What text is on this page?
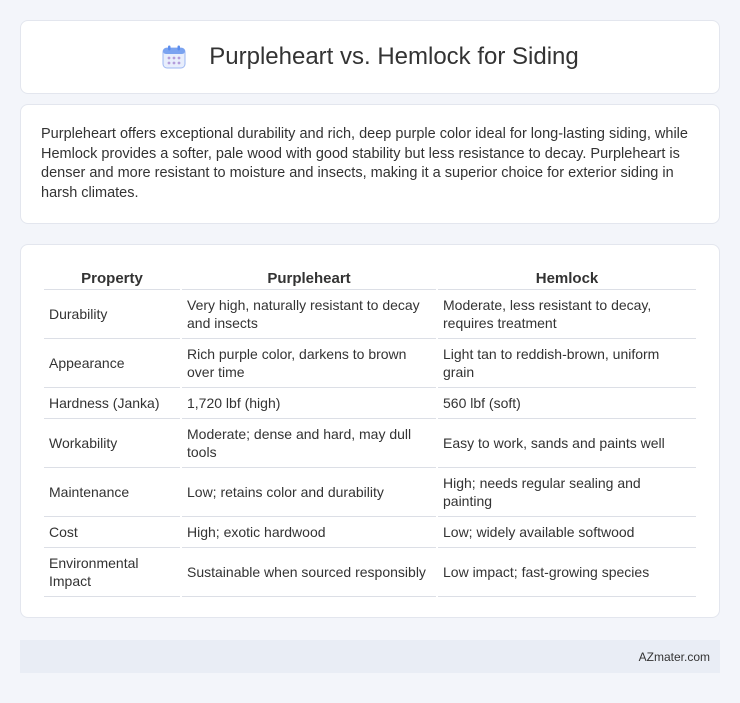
Purpleheart vs. Hemlock for Siding

Purpleheart offers exceptional durability and rich, deep purple color ideal for long-lasting siding, while Hemlock provides a softer, pale wood with good stability but less resistance to decay. Purpleheart is denser and more resistant to moisture and insects, making it a superior choice for exterior siding in harsh climates.

Property	Purpleheart	Hemlock
Durability	Very high, naturally resistant to decay and insects	Moderate, less resistant to decay, requires treatment
Appearance	Rich purple color, darkens to brown over time	Light tan to reddish-brown, uniform grain
Hardness (Janka)	1,720 lbf (high)	560 lbf (soft)
Workability	Moderate; dense and hard, may dull tools	Easy to work, sands and paints well
Maintenance	Low; retains color and durability	High; needs regular sealing and painting
Cost	High; exotic hardwood	Low; widely available softwood
Environmental Impact	Sustainable when sourced responsibly	Low impact; fast-growing species
AZmater.com
